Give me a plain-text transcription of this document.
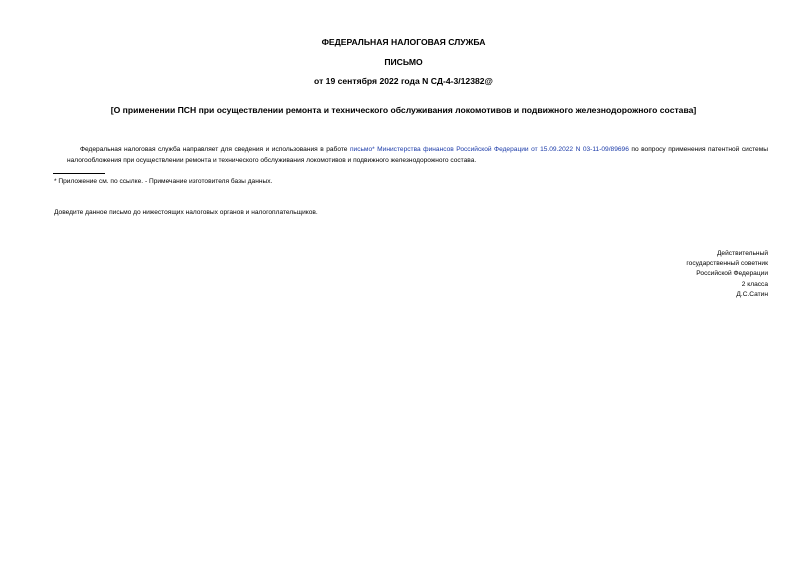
ФЕДЕРАЛЬНАЯ НАЛОГОВАЯ СЛУЖБА
ПИСЬМО
от 19 сентября 2022 года N СД-4-3/12382@
[О применении ПСН при осуществлении ремонта и технического обслуживания локомотивов и подвижного железнодорожного состава]
Федеральная налоговая служба направляет для сведения и использования в работе письмо* Министерства финансов Российской Федерации от 15.09.2022 N 03-11-09/89696 по вопросу применения патентной системы налогообложения при осуществлении ремонта и технического обслуживания локомотивов и подвижного железнодорожного состава.
* Приложение см. по ссылке. - Примечание изготовителя базы данных.
Доведите данное письмо до нижестоящих налоговых органов и налогоплательщиков.
Действительный
государственный советник
Российской Федерации
2 класса
Д.С.Сатин
